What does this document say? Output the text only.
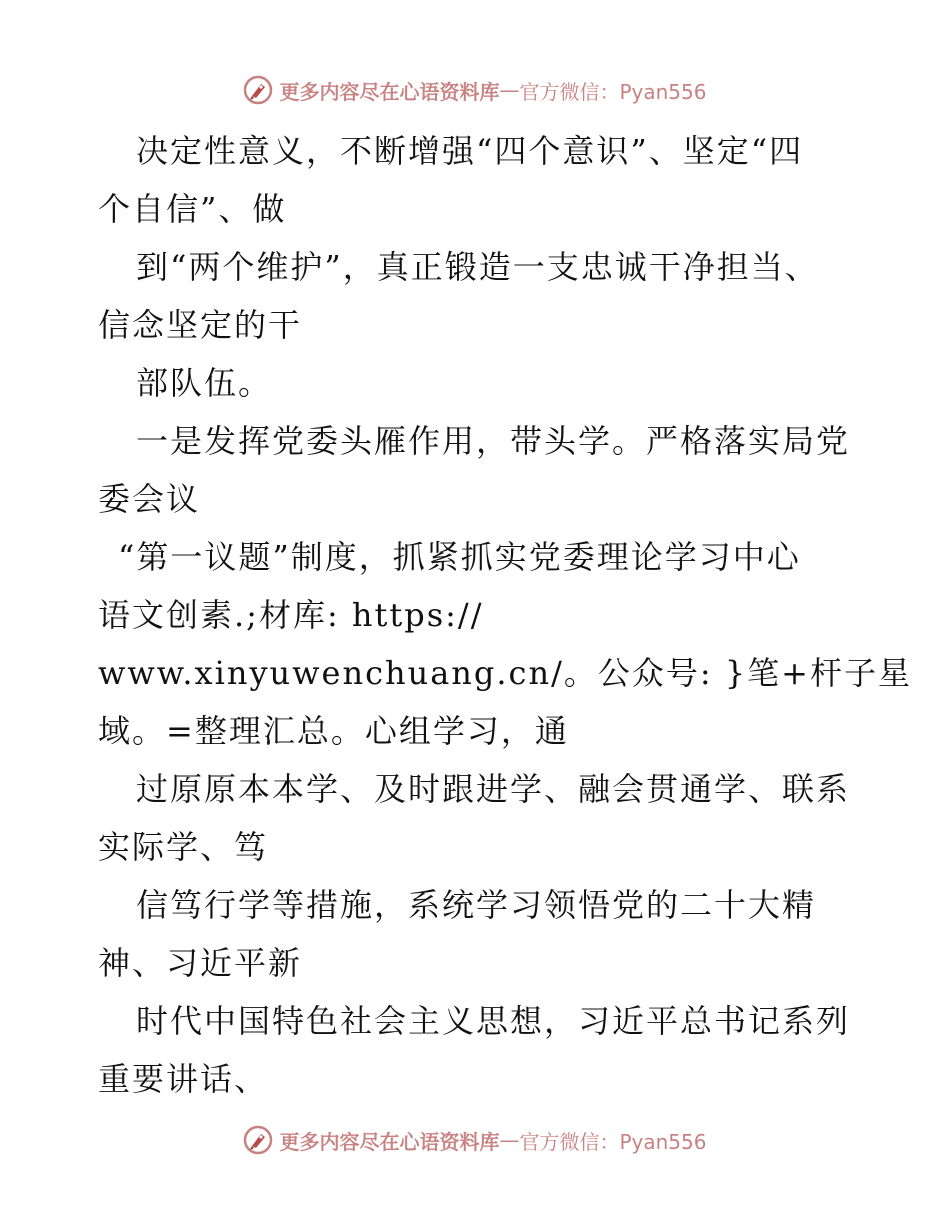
更多内容尽在心语资料库 — 官方微信：Pyan556
决定性意义，不断增强“四个意识”、坚定“四
个自信”、做
到“两个维护”，真正锻造一支忠诚干净担当、
信念坚定的干
部队伍。
一是发挥党委头雁作用，带头学。严格落实局党
委会议
“第一议题”制度，抓紧抓实党委理论学习中心
语文创素.;材库: https://
www.xinyuwenchuang.cn/。公众号: }笔+杆子星
域。=整理汇总。心组学习，通
过原原本本学、及时跟进学、融会贯通学、联系
实际学、笃
信笃行学等措施，系统学习领悟党的二十大精
神、习近平新
时代中国特色社会主义思想，习近平总书记系列
重要讲话、
更多内容尽在心语资料库 — 官方微信：Pyan556
